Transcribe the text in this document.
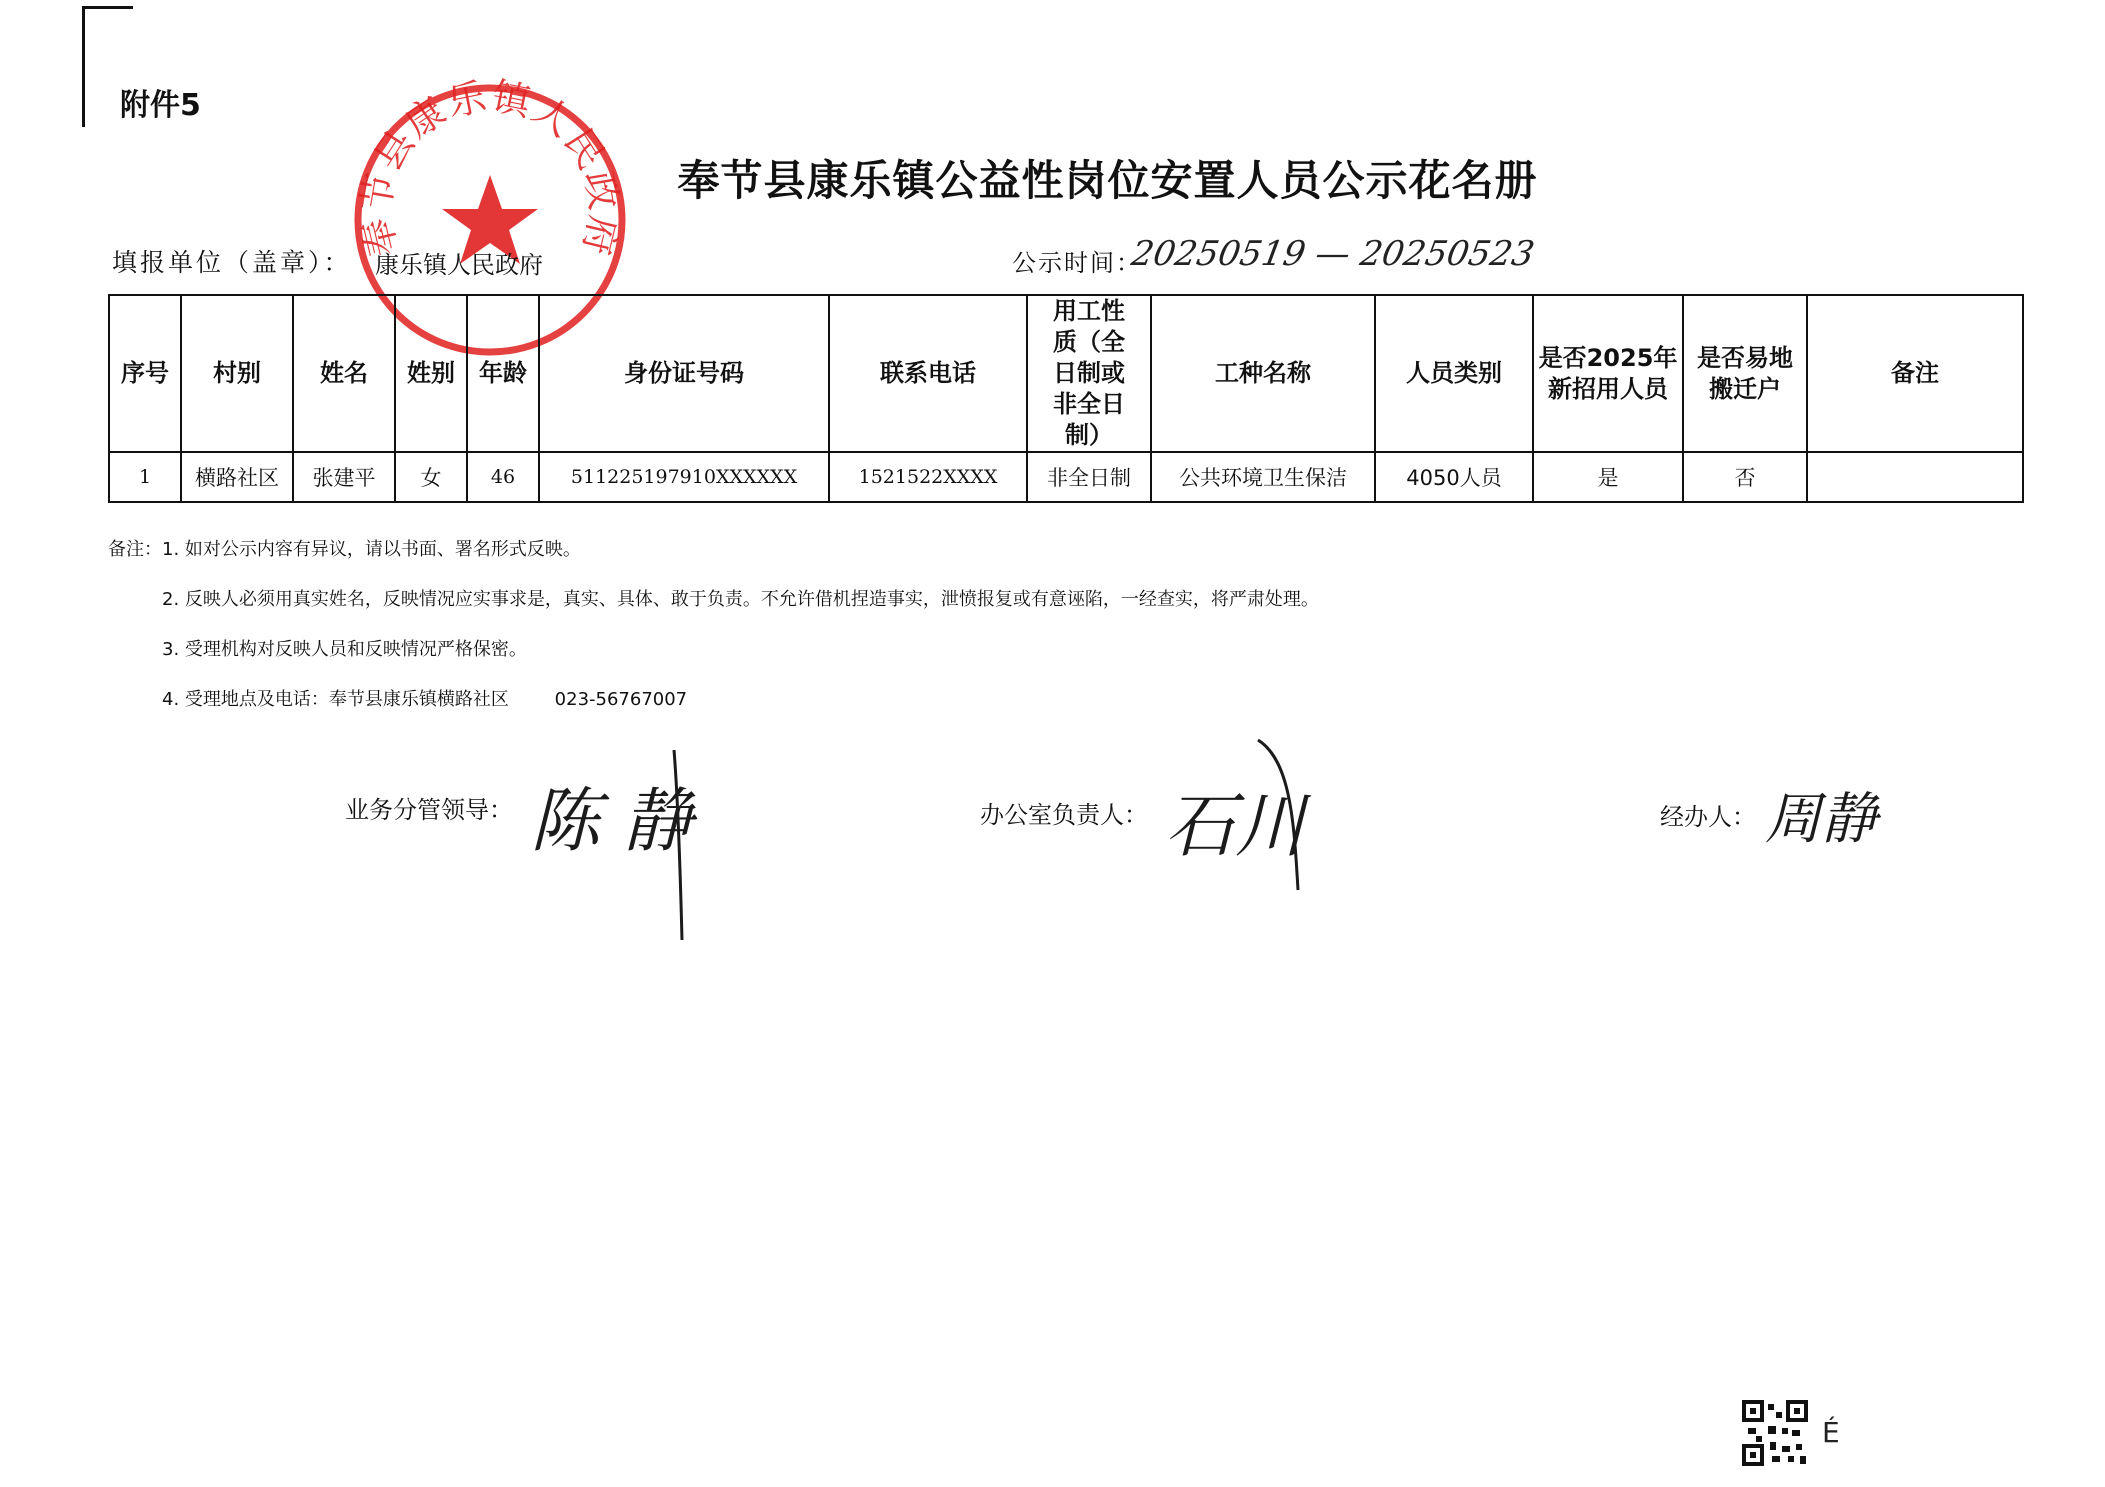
附件5
奉节县康乐镇人民政府
奉节县康乐镇公益性岗位安置人员公示花名册
填报单位（盖章）： 康乐镇人民政府	公示时间：
20250519 — 20250523
序号	村别	姓名	姓别	年龄	身份证号码	联系电话	用工性质（全日制或非全日制）	工种名称	人员类别	是否2025年新招用人员	是否易地搬迁户	备注
1	横路社区	张建平	女	46	511225197910XXXXXX	1521522XXXX	非全日制	公共环境卫生保洁	4050人员	是	否	
备注：1. 如对公示内容有异议，请以书面、署名形式反映。
2. 反映人必须用真实姓名，反映情况应实事求是，真实、具体、敢于负责。不允许借机捏造事实，泄愤报复或有意诬陷，一经查实，将严肃处理。
3. 受理机构对反映人员和反映情况严格保密。
4. 受理地点及电话：奉节县康乐镇横路社区        023-56767007
业务分管领导： 陈 静	办公室负责人： 石川	经办人： 周静
É
